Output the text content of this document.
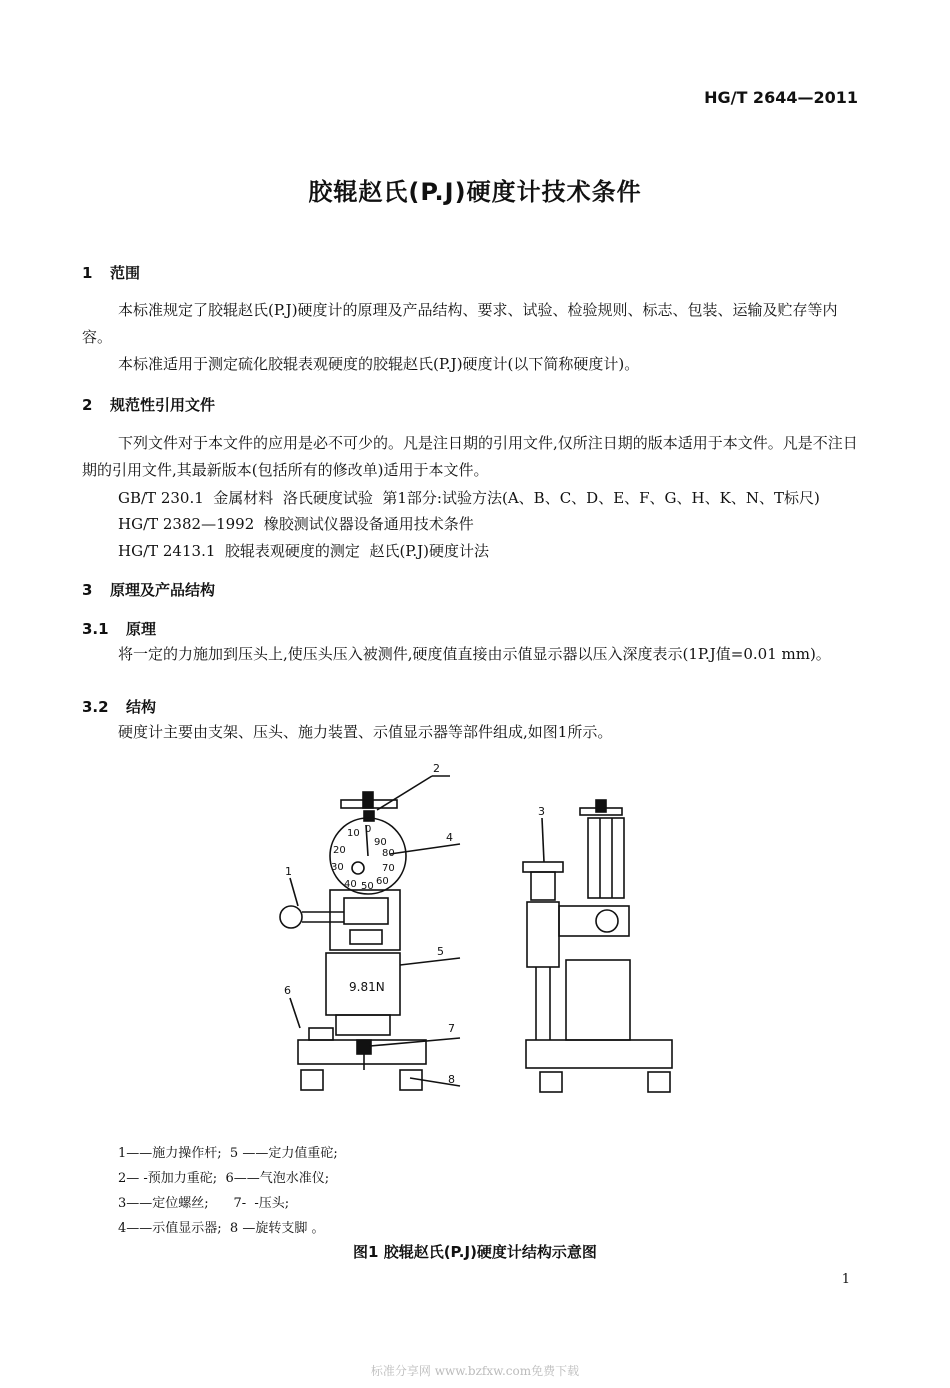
HG/T 2644—2011
胶辊赵氏(P.J)硬度计技术条件
1 范围
本标准规定了胶辊赵氏(P.J)硬度计的原理及产品结构、要求、试验、检验规则、标志、包装、运输及贮存等内容。
本标准适用于测定硫化胶辊表观硬度的胶辊赵氏(P.J)硬度计(以下简称硬度计)。
2 规范性引用文件
下列文件对于本文件的应用是必不可少的。凡是注日期的引用文件,仅所注日期的版本适用于本文件。凡是不注日期的引用文件,其最新版本(包括所有的修改单)适用于本文件。
GB/T 230.1  金属材料  洛氏硬度试验  第1部分:试验方法(A、B、C、D、E、F、G、H、K、N、T标尺)
HG/T 2382—1992  橡胶测试仪器设备通用技术条件
HG/T 2413.1  胶辊表观硬度的测定  赵氏(P.J)硬度计法
3 原理及产品结构
3.1 原理
将一定的力施加到压头上,使压头压入被测件,硬度值直接由示值显示器以压入深度表示(1P.J值=0.01 mm)。
3.2 结构
硬度计主要由支架、压头、施力装置、示值显示器等部件组成,如图1所示。
0
10
90
20	80
30	70
40 50 60
9.81N
1
2
3
4
5
6
7
8
1——施力操作杆;  5 ——定力值重砣;
2— -预加力重砣;  6——气泡水准仪;
3——定位螺丝;      7-  -压头;
4——示值显示器;  8 —旋转支脚 。
图1 胶辊赵氏(P.J)硬度计结构示意图
1
标准分享网 www.bzfxw.com免费下载
